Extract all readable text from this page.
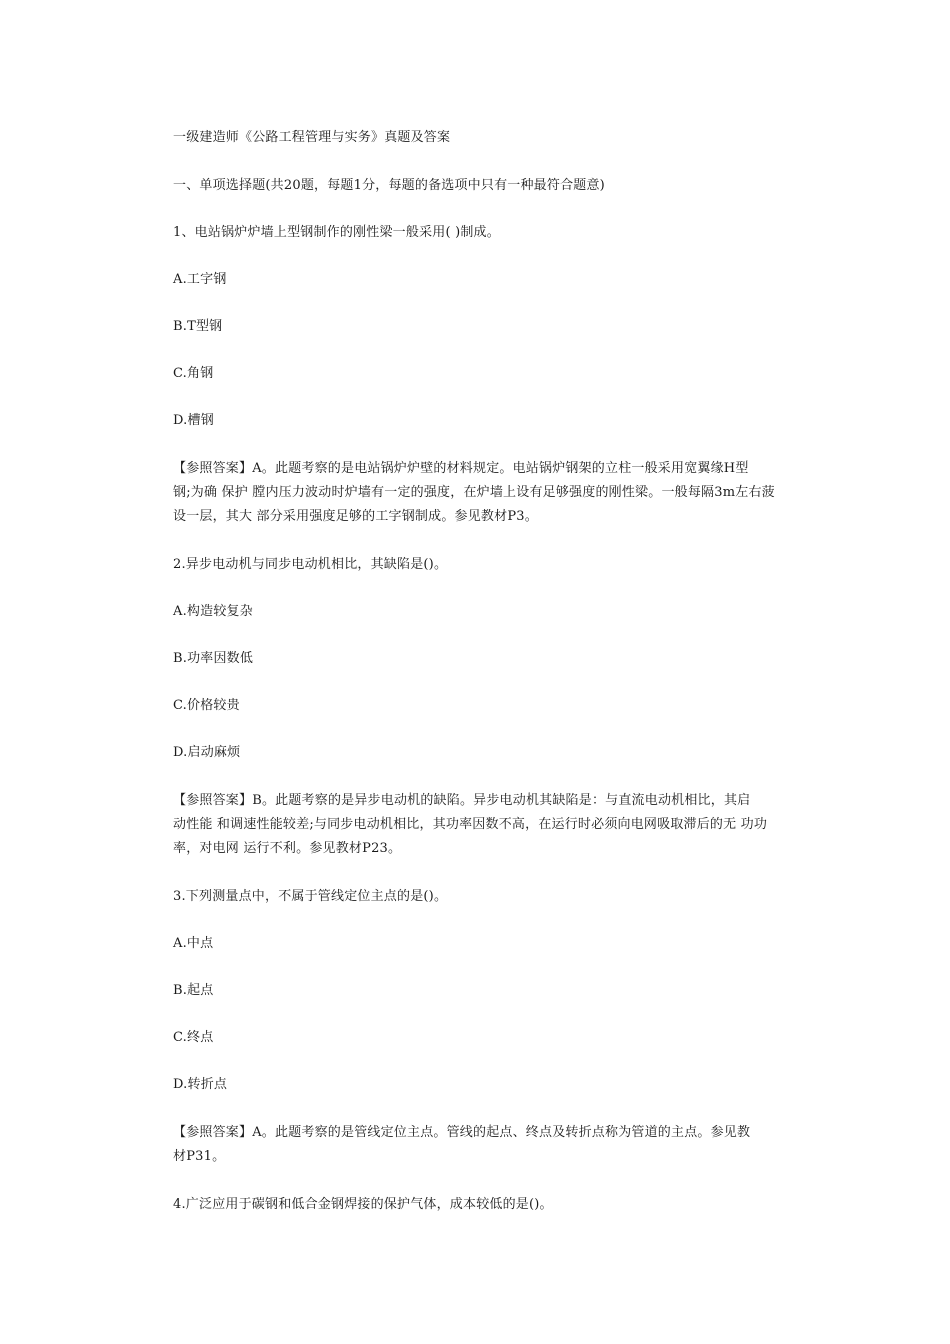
一级建造师《公路工程管理与实务》真题及答案
一、单项选择题(共20题，每题1分，每题的备选项中只有一种最符合题意)
1、电站锅炉炉墙上型钢制作的刚性梁一般采用( )制成。
A.工字钢
B.T型钢
C.角钢
D.槽钢
【参照答案】A。此题考察的是电站锅炉炉壁的材料规定。电站锅炉钢架的立柱一般采用宽翼缘H型
钢;为确 保护 膛内压力波动时炉墙有一定的强度，在炉墙上设有足够强度的刚性梁。一般每隔3m左右菠
设一层，其大 部分采用强度足够的工字钢制成。参见教材P3。
2.异步电动机与同步电动机相比，其缺陷是()。
A.构造较复杂
B.功率因数低
C.价格较贵
D.启动麻烦
【参照答案】B。此题考察的是异步电动机的缺陷。异步电动机其缺陷是：与直流电动机相比，其启
动性能 和调速性能较差;与同步电动机相比，其功率因数不高，在运行时必须向电网吸取滞后的无 功功
率，对电网 运行不利。参见教材P23。
3.下列测量点中，不属于管线定位主点的是()。
A.中点
B.起点
C.终点
D.转折点
【参照答案】A。此题考察的是管线定位主点。管线的起点、终点及转折点称为管道的主点。参见教
材P31。
4.广泛应用于碳钢和低合金钢焊接的保护气体，成本较低的是()。
